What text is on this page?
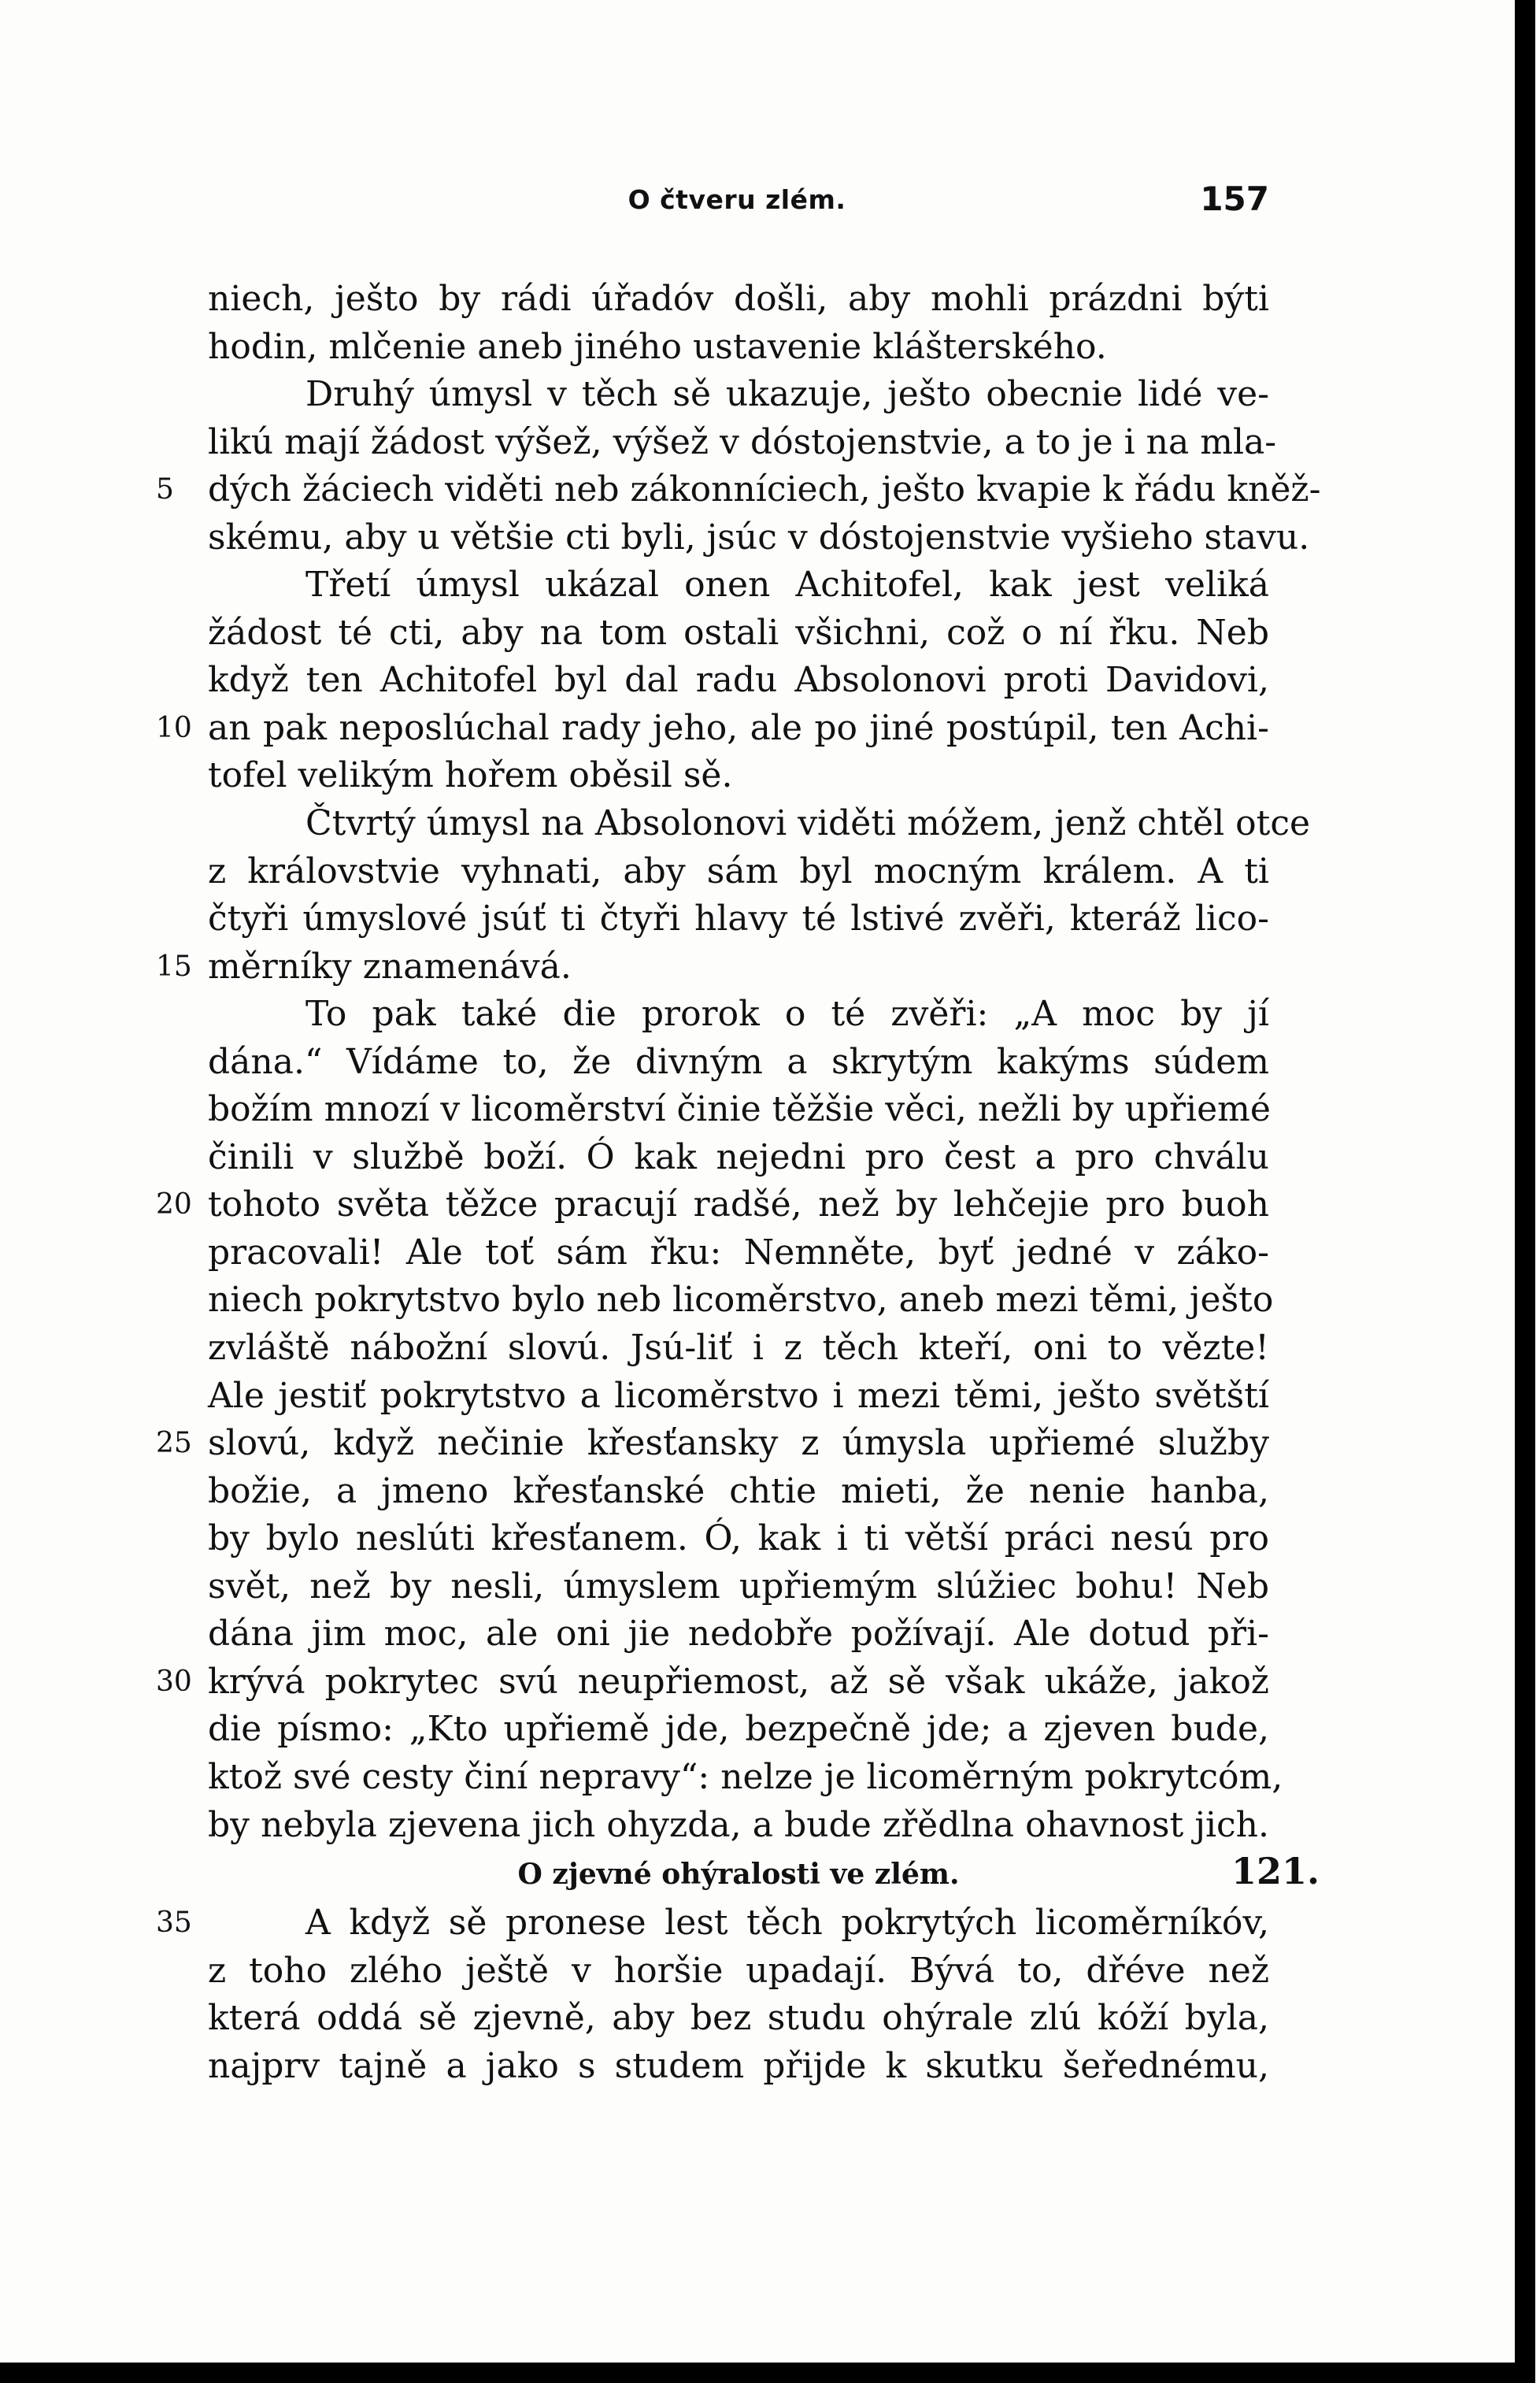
O čtveru zlém.	157
niech, ješto by rádi úřadóv došli, aby mohli prázdni býti
hodin, mlčenie aneb jiného ustavenie klášterského.
Druhý úmysl v těch sě ukazuje, ješto obecnie lidé ve-
likú mají žádost výšež, výšež v dóstojenstvie, a to je i na mla-
dých žáciech viděti neb zákonníciech, ješto kvapie k řádu kněž-
5
skému, aby u většie cti byli, jsúc v dóstojenstvie vyšieho stavu.
Třetí úmysl ukázal onen Achitofel, kak jest veliká
žádost té cti, aby na tom ostali všichni, což o ní řku. Neb
když ten Achitofel byl dal radu Absolonovi proti Davidovi,
an pak neposlúchal rady jeho, ale po jiné postúpil, ten Achi-
10
tofel velikým hořem oběsil sě.
Čtvrtý úmysl na Absolonovi viděti móžem, jenž chtěl otce
z královstvie vyhnati, aby sám byl mocným králem. A ti
čtyři úmyslové jsúť ti čtyři hlavy té lstivé zvěři, kteráž lico-
měrníky znamenává.
15
To pak také die prorok o té zvěři: „A moc by jí
dána.“ Vídáme to, že divným a skrytým kakýms súdem
božím mnozí v licoměrství činie těžšie věci, nežli by upřiemé
činili v službě boží. Ó kak nejedni pro čest a pro chválu
tohoto světa těžce pracují radšé, než by lehčejie pro buoh
20
pracovali! Ale toť sám řku: Nemněte, byť jedné v záko-
niech pokrytstvo bylo neb licoměrstvo, aneb mezi těmi, ješto
zvláště nábožní slovú. Jsú-liť i z těch kteří, oni to vězte!
Ale jestiť pokrytstvo a licoměrstvo i mezi těmi, ješto světští
slovú, když nečinie křesťansky z úmysla upřiemé služby
25
božie, a jmeno křesťanské chtie mieti, že nenie hanba,
by bylo neslúti křesťanem. Ó, kak i ti větší práci nesú pro
svět, než by nesli, úmyslem upřiemým slúžiec bohu! Neb
dána jim moc, ale oni jie nedobře požívají. Ale dotud při-
krývá pokrytec svú neupřiemost, až sě však ukáže, jakož
30
die písmo: „Kto upřiemě jde, bezpečně jde; a zjeven bude,
ktož své cesty činí nepravy“: nelze je licoměrným pokrytcóm,
by nebyla zjevena jich ohyzda, a bude zřědlna ohavnost jich.
O zjevné ohýralosti ve zlém.	121.
A když sě pronese lest těch pokrytých licoměrníkóv,
35
z toho zlého ještě v horšie upadají. Bývá to, dřéve než
která oddá sě zjevně, aby bez studu ohýrale zlú kóží byla,
najprv tajně a jako s studem přijde k skutku šeřednému,
